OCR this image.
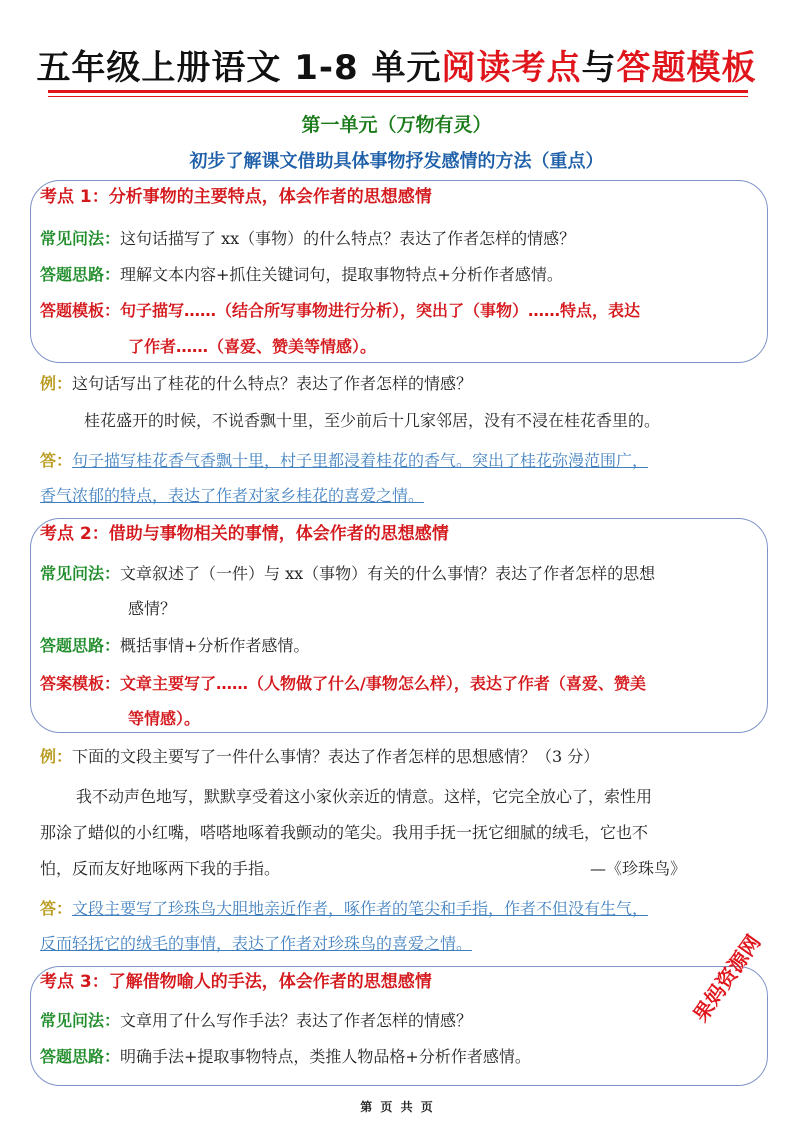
五年级上册语文 1-8 单元阅读考点与答题模板
第一单元（万物有灵）
初步了解课文借助具体事物抒发感情的方法（重点）
考点 1：分析事物的主要特点，体会作者的思想感情
常见问法：这句话描写了 xx（事物）的什么特点？表达了作者怎样的情感？
答题思路：理解文本内容+抓住关键词句，提取事物特点+分析作者感情。
答题模板：句子描写……（结合所写事物进行分析），突出了（事物）……特点，表达
了作者……（喜爱、赞美等情感）。
例：这句话写出了桂花的什么特点？表达了作者怎样的情感？
桂花盛开的时候，不说香飘十里，至少前后十几家邻居，没有不浸在桂花香里的。
答：句子描写桂花香气香飘十里，村子里都浸着桂花的香气。突出了桂花弥漫范围广，
香气浓郁的特点，表达了作者对家乡桂花的喜爱之情。
考点 2：借助与事物相关的事情，体会作者的思想感情
常见问法：文章叙述了（一件）与 xx（事物）有关的什么事情？表达了作者怎样的思想
感情？
答题思路：概括事情+分析作者感情。
答案模板：文章主要写了……（人物做了什么/事物怎么样），表达了作者（喜爱、赞美
等情感）。
例：下面的文段主要写了一件什么事情？表达了作者怎样的思想感情？（3 分）
我不动声色地写，默默享受着这小家伙亲近的情意。这样，它完全放心了，索性用
那涂了蜡似的小红嘴，嗒嗒地啄着我颤动的笔尖。我用手抚一抚它细腻的绒毛，它也不
怕，反而友好地啄两下我的手指。	—《珍珠鸟》
答：文段主要写了珍珠鸟大胆地亲近作者，啄作者的笔尖和手指，作者不但没有生气，
反而轻抚它的绒毛的事情，表达了作者对珍珠鸟的喜爱之情。
考点 3：了解借物喻人的手法，体会作者的思想感情
常见问法：文章用了什么写作手法？表达了作者怎样的情感？
答题思路：明确手法+提取事物特点，类推人物品格+分析作者感情。
果妈资源网
第 页 共 页
